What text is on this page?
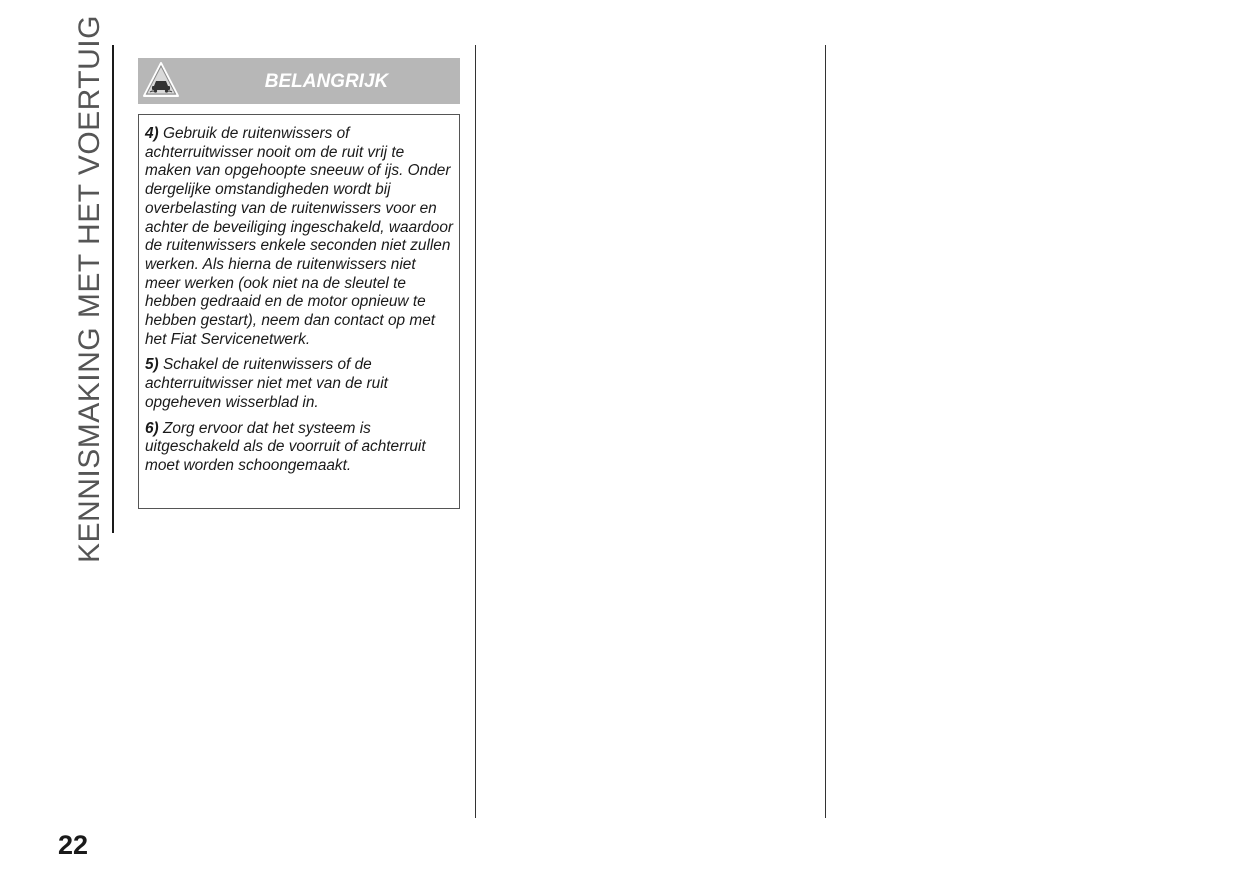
KENNISMAKING MET HET VOERTUIG	BELANGRIJK

4) Gebruik de ruitenwissers of achterruitwisser nooit om de ruit vrij te maken van opgehoopte sneeuw of ijs. Onder dergelijke omstandigheden wordt bij overbelasting van de ruitenwissers voor en achter de beveiliging ingeschakeld, waardoor de ruitenwissers enkele seconden niet zullen werken. Als hierna de ruitenwissers niet meer werken (ook niet na de sleutel te hebben gedraaid en de motor opnieuw te hebben gestart), neem dan contact op met het Fiat Servicenetwerk.

5) Schakel de ruitenwissers of de achterruitwisser niet met van de ruit opgeheven wisserblad in.

6) Zorg ervoor dat het systeem is uitgeschakeld als de voorruit of achterruit moet worden schoongemaakt.

22
